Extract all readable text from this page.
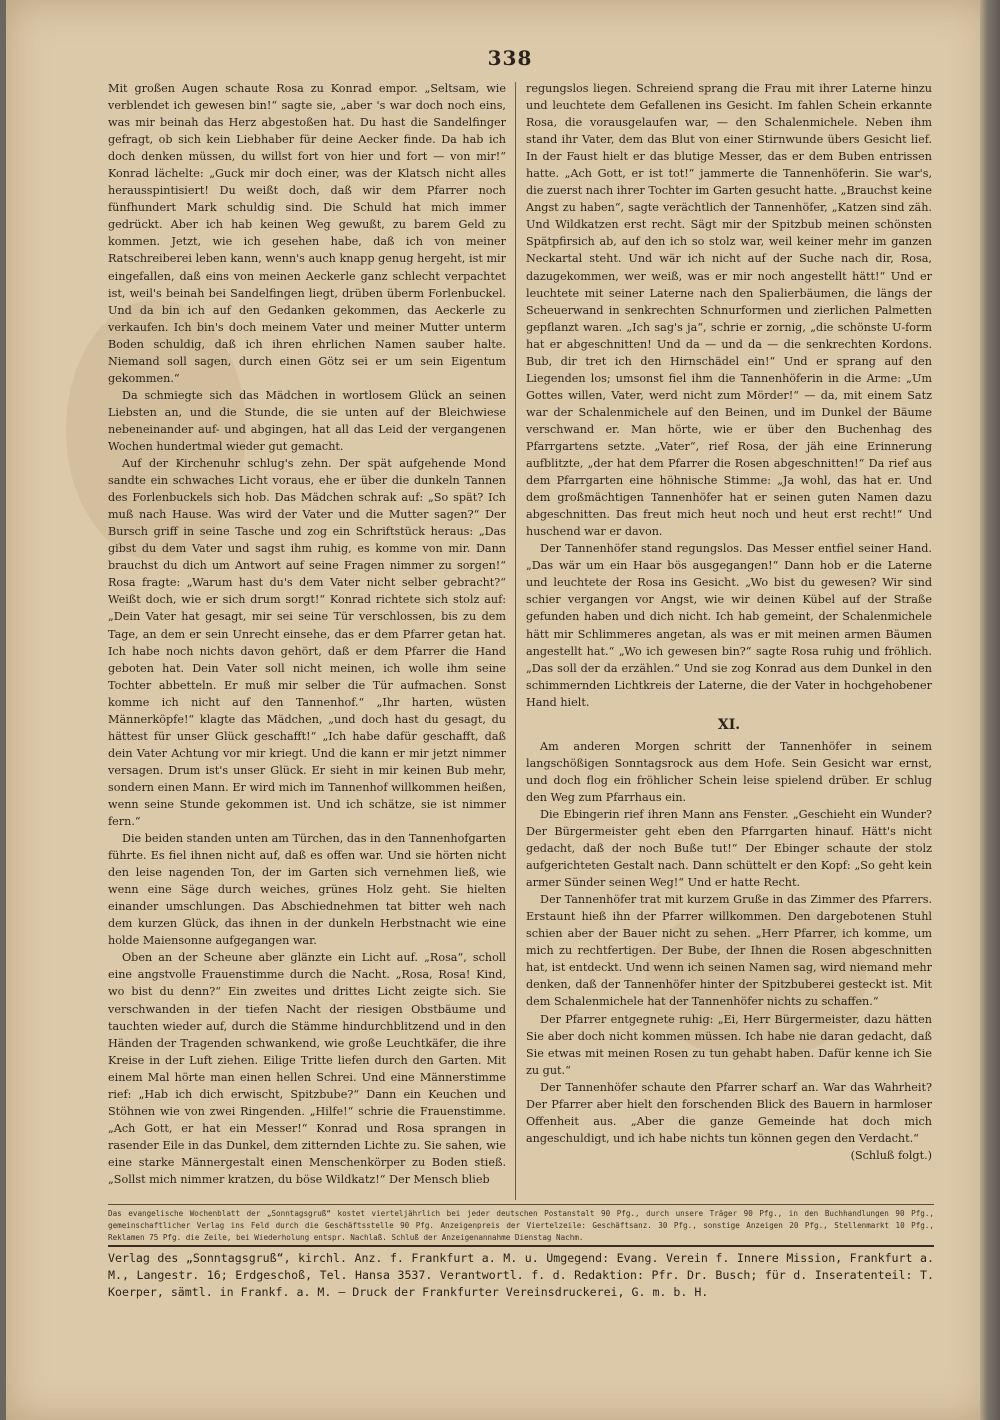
338

Mit großen Augen schaute Rosa zu Konrad empor. „Seltsam, wie verblendet ich gewesen bin!“ sagte sie, „aber 's war doch noch eins, was mir beinah das Herz abgestoßen hat. Du hast die Sandelfinger gefragt, ob sich kein Liebhaber für deine Aecker finde. Da hab ich doch denken müssen, du willst fort von hier und fort — von mir!“ Konrad lächelte: „Guck mir doch einer, was der Klatsch nicht alles herausspintisiert! Du weißt doch, daß wir dem Pfarrer noch fünfhundert Mark schuldig sind. Die Schuld hat mich immer gedrückt. Aber ich hab keinen Weg gewußt, zu barem Geld zu kommen. Jetzt, wie ich gesehen habe, daß ich von meiner Ratschreiberei leben kann, wenn's auch knapp genug hergeht, ist mir eingefallen, daß eins von meinen Aeckerle ganz schlecht verpachtet ist, weil's beinah bei Sandelfingen liegt, drüben überm Forlenbuckel. Und da bin ich auf den Gedanken gekommen, das Aeckerle zu verkaufen. Ich bin's doch meinem Vater und meiner Mutter unterm Boden schuldig, daß ich ihren ehrlichen Namen sauber halte. Niemand soll sagen, durch einen Götz sei er um sein Eigentum gekommen.“

Da schmiegte sich das Mädchen in wortlosem Glück an seinen Liebsten an, und die Stunde, die sie unten auf der Bleichwiese nebeneinander auf- und abgingen, hat all das Leid der vergangenen Wochen hundertmal wieder gut gemacht.

Auf der Kirchenuhr schlug's zehn. Der spät aufgehende Mond sandte ein schwaches Licht voraus, ehe er über die dunkeln Tannen des Forlenbuckels sich hob. Das Mädchen schrak auf: „So spät? Ich muß nach Hause. Was wird der Vater und die Mutter sagen?“ Der Bursch griff in seine Tasche und zog ein Schriftstück heraus: „Das gibst du dem Vater und sagst ihm ruhig, es komme von mir. Dann brauchst du dich um Antwort auf seine Fragen nimmer zu sorgen!“ Rosa fragte: „Warum hast du's dem Vater nicht selber gebracht?“ Weißt doch, wie er sich drum sorgt!“ Konrad richtete sich stolz auf: „Dein Vater hat gesagt, mir sei seine Tür verschlossen, bis zu dem Tage, an dem er sein Unrecht einsehe, das er dem Pfarrer getan hat. Ich habe noch nichts davon gehört, daß er dem Pfarrer die Hand geboten hat. Dein Vater soll nicht meinen, ich wolle ihm seine Tochter abbetteln. Er muß mir selber die Tür aufmachen. Sonst komme ich nicht auf den Tannenhof.“ „Ihr harten, wüsten Männerköpfe!“ klagte das Mädchen, „und doch hast du gesagt, du hättest für unser Glück geschafft!“ „Ich habe dafür geschafft, daß dein Vater Achtung vor mir kriegt. Und die kann er mir jetzt nimmer versagen. Drum ist's unser Glück. Er sieht in mir keinen Bub mehr, sondern einen Mann. Er wird mich im Tannenhof willkommen heißen, wenn seine Stunde gekommen ist. Und ich schätze, sie ist nimmer fern.“

Die beiden standen unten am Türchen, das in den Tannenhofgarten führte. Es fiel ihnen nicht auf, daß es offen war. Und sie hörten nicht den leise nagenden Ton, der im Garten sich vernehmen ließ, wie wenn eine Säge durch weiches, grünes Holz geht. Sie hielten einander umschlungen. Das Abschiednehmen tat bitter weh nach dem kurzen Glück, das ihnen in der dunkeln Herbstnacht wie eine holde Maiensonne aufgegangen war.

Oben an der Scheune aber glänzte ein Licht auf. „Rosa“, scholl eine angstvolle Frauenstimme durch die Nacht. „Rosa, Rosa! Kind, wo bist du denn?“ Ein zweites und drittes Licht zeigte sich. Sie verschwanden in der tiefen Nacht der riesigen Obstbäume und tauchten wieder auf, durch die Stämme hindurchblitzend und in den Händen der Tragenden schwankend, wie große Leuchtkäfer, die ihre Kreise in der Luft ziehen. Eilige Tritte liefen durch den Garten. Mit einem Mal hörte man einen hellen Schrei. Und eine Männerstimme rief: „Hab ich dich erwischt, Spitzbube?“ Dann ein Keuchen und Stöhnen wie von zwei Ringenden. „Hilfe!“ schrie die Frauenstimme. „Ach Gott, er hat ein Messer!“ Konrad und Rosa sprangen in rasender Eile in das Dunkel, dem zitternden Lichte zu. Sie sahen, wie eine starke Männergestalt einen Menschenkörper zu Boden stieß. „Sollst mich nimmer kratzen, du böse Wildkatz!“ Der Mensch blieb

regungslos liegen. Schreiend sprang die Frau mit ihrer Laterne hinzu und leuchtete dem Gefallenen ins Gesicht. Im fahlen Schein erkannte Rosa, die vorausgelaufen war, — den Schalenmichele. Neben ihm stand ihr Vater, dem das Blut von einer Stirnwunde übers Gesicht lief. In der Faust hielt er das blutige Messer, das er dem Buben entrissen hatte. „Ach Gott, er ist tot!“ jammerte die Tannenhöferin. Sie war's, die zuerst nach ihrer Tochter im Garten gesucht hatte. „Brauchst keine Angst zu haben“, sagte verächtlich der Tannenhöfer, „Katzen sind zäh. Und Wildkatzen erst recht. Sägt mir der Spitzbub meinen schönsten Spätpfirsich ab, auf den ich so stolz war, weil keiner mehr im ganzen Neckartal steht. Und wär ich nicht auf der Suche nach dir, Rosa, dazugekommen, wer weiß, was er mir noch angestellt hätt!“ Und er leuchtete mit seiner Laterne nach den Spalierbäumen, die längs der Scheuerwand in senkrechten Schnurformen und zierlichen Palmetten gepflanzt waren. „Ich sag's ja“, schrie er zornig, „die schönste U-form hat er abgeschnitten! Und da — und da — die senkrechten Kordons. Bub, dir tret ich den Hirnschädel ein!“ Und er sprang auf den Liegenden los; umsonst fiel ihm die Tannenhöferin in die Arme: „Um Gottes willen, Vater, werd nicht zum Mörder!“ — da, mit einem Satz war der Schalenmichele auf den Beinen, und im Dunkel der Bäume verschwand er. Man hörte, wie er über den Buchenhag des Pfarrgartens setzte. „Vater“, rief Rosa, der jäh eine Erinnerung aufblitzte, „der hat dem Pfarrer die Rosen abgeschnitten!“ Da rief aus dem Pfarrgarten eine höhnische Stimme: „Ja wohl, das hat er. Und dem großmächtigen Tannenhöfer hat er seinen guten Namen dazu abgeschnitten. Das freut mich heut noch und heut erst recht!“ Und huschend war er davon.

Der Tannenhöfer stand regungslos. Das Messer entfiel seiner Hand. „Das wär um ein Haar bös ausgegangen!“ Dann hob er die Laterne und leuchtete der Rosa ins Gesicht. „Wo bist du gewesen? Wir sind schier vergangen vor Angst, wie wir deinen Kübel auf der Straße gefunden haben und dich nicht. Ich hab gemeint, der Schalenmichele hätt mir Schlimmeres angetan, als was er mit meinen armen Bäumen angestellt hat.“ „Wo ich gewesen bin?“ sagte Rosa ruhig und fröhlich. „Das soll der da erzählen.“ Und sie zog Konrad aus dem Dunkel in den schimmernden Lichtkreis der Laterne, die der Vater in hochgehobener Hand hielt.

XI.

Am anderen Morgen schritt der Tannenhöfer in seinem langschößigen Sonntagsrock aus dem Hofe. Sein Gesicht war ernst, und doch flog ein fröhlicher Schein leise spielend drüber. Er schlug den Weg zum Pfarrhaus ein.

Die Ebingerin rief ihren Mann ans Fenster. „Geschieht ein Wunder? Der Bürgermeister geht eben den Pfarrgarten hinauf. Hätt's nicht gedacht, daß der noch Buße tut!“ Der Ebinger schaute der stolz aufgerichteten Gestalt nach. Dann schüttelt er den Kopf: „So geht kein armer Sünder seinen Weg!“ Und er hatte Recht.

Der Tannenhöfer trat mit kurzem Gruße in das Zimmer des Pfarrers. Erstaunt hieß ihn der Pfarrer willkommen. Den dargebotenen Stuhl schien aber der Bauer nicht zu sehen. „Herr Pfarrer, ich komme, um mich zu rechtfertigen. Der Bube, der Ihnen die Rosen abgeschnitten hat, ist entdeckt. Und wenn ich seinen Namen sag, wird niemand mehr denken, daß der Tannenhöfer hinter der Spitzbuberei gesteckt ist. Mit dem Schalenmichele hat der Tannenhöfer nichts zu schaffen.“

Der Pfarrer entgegnete ruhig: „Ei, Herr Bürgermeister, dazu hätten Sie aber doch nicht kommen müssen. Ich habe nie daran gedacht, daß Sie etwas mit meinen Rosen zu tun gehabt haben. Dafür kenne ich Sie zu gut.“

Der Tannenhöfer schaute den Pfarrer scharf an. War das Wahrheit? Der Pfarrer aber hielt den forschenden Blick des Bauern in harmloser Offenheit aus. „Aber die ganze Gemeinde hat doch mich angeschuldigt, und ich habe nichts tun können gegen den Verdacht.“

(Schluß folgt.)

Das evangelische Wochenblatt der „Sonntagsgruß“ kostet vierteljährlich bei jeder deutschen Postanstalt 90 Pfg., durch unsere Träger 90 Pfg., in den Buchhandlungen 90 Pfg., gemeinschaftlicher Verlag ins Feld durch die Geschäftsstelle 90 Pfg. Anzeigenpreis der Viertelzeile: Geschäftsanz. 30 Pfg., sonstige Anzeigen 20 Pfg., Stellenmarkt 10 Pfg., Reklamen 75 Pfg. die Zeile, bei Wiederholung entspr. Nachlaß. Schluß der Anzeigenannahme Dienstag Nachm.
Verlag des „Sonntagsgruß“, kirchl. Anz. f. Frankfurt a. M. u. Umgegend: Evang. Verein f. Innere Mission, Frankfurt a. M., Langestr. 16; Erdgeschoß, Tel. Hansa 3537. Verantwortl. f. d. Redaktion: Pfr. Dr. Busch; für d. Inseratenteil: T. Koerper, sämtl. in Frankf. a. M. — Druck der Frankfurter Vereinsdruckerei, G. m. b. H.
